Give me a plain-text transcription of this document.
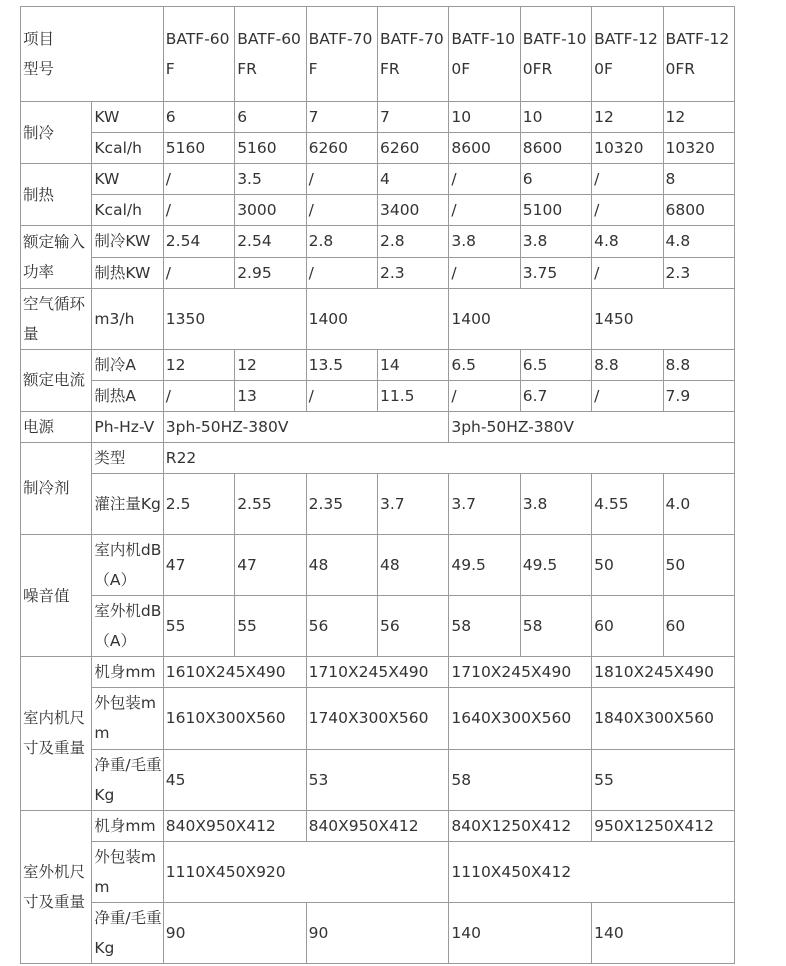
项目
型号		BATF-60F	BATF-60FR	BATF-70F	BATF-70FR	BATF-100F	BATF-100FR	BATF-120F	BATF-120FR
制冷	KW	6	6	7	7	10	10	12	12
	Kcal/h	5160	5160	6260	6260	8600	8600	10320	10320
制热	KW	/	3.5	/	4	/	6	/	8
	Kcal/h	/	3000	/	3400	/	5100	/	6800
额定输入功率	制冷KW	2.54	2.54	2.8	2.8	3.8	3.8	4.8	4.8
	制热KW	/	2.95	/	2.3	/	3.75	/	2.3
空气循环量	m3/h	1350		1400		1400		1450	
额定电流	制冷A	12	12	13.5	14	6.5	6.5	8.8	8.8
	制热A	/	13	/	11.5	/	6.7	/	7.9
电源	Ph-Hz-V	3ph-50HZ-380V				3ph-50HZ-380V			
制冷剂	类型	R22							
	灌注量Kg	2.5	2.55	2.35	3.7	3.7	3.8	4.55	4.0
噪音值	室内机dB（A）	47	47	48	48	49.5	49.5	50	50
	室外机dB（A）	55	55	56	56	58	58	60	60
室内机尺寸及重量	机身mm	1610X245X490		1710X245X490		1710X245X490		1810X245X490	
	外包装mm	1610X300X560		1740X300X560		1640X300X560		1840X300X560	
	净重/毛重Kg	45		53		58		55	
室外机尺寸及重量	机身mm	840X950X412		840X950X412		840X1250X412		950X1250X412	
	外包装mm	1110X450X920				1110X450X412			
	净重/毛重Kg	90		90		140		140	
